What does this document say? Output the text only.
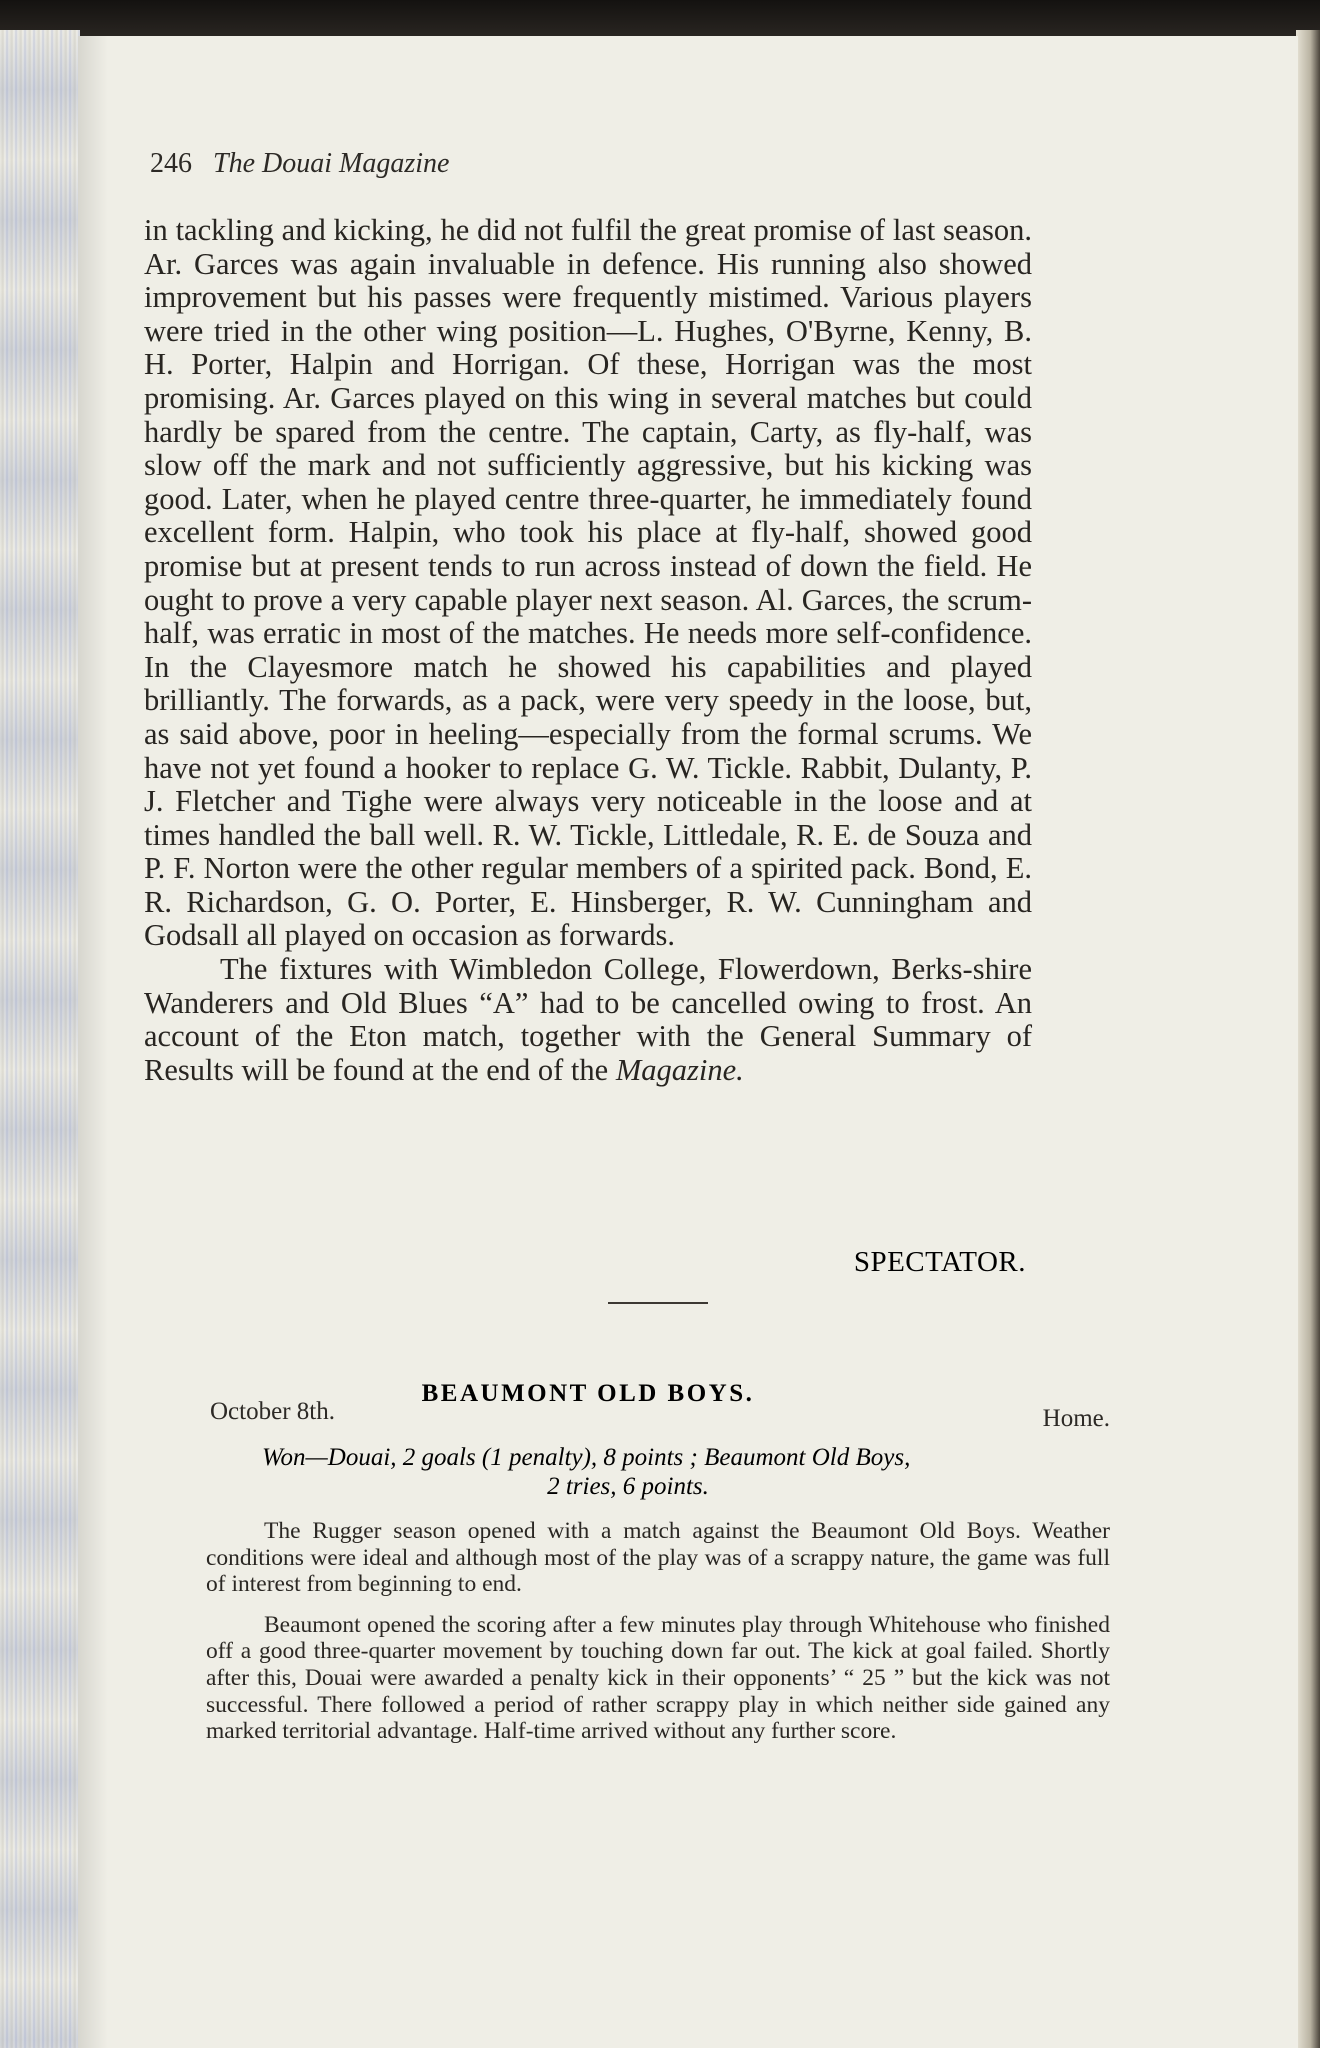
246 The Douai Magazine

in tackling and kicking, he did not fulfil the great promise of last season. Ar. Garces was again invaluable in defence. His running also showed improvement but his passes were frequently mistimed. Various players were tried in the other wing position—L. Hughes, O'Byrne, Kenny, B. H. Porter, Halpin and Horrigan. Of these, Horrigan was the most promising. Ar. Garces played on this wing in several matches but could hardly be spared from the centre. The captain, Carty, as fly-half, was slow off the mark and not sufficiently aggressive, but his kicking was good. Later, when he played centre three-quarter, he immediately found excellent form. Halpin, who took his place at fly-half, showed good promise but at present tends to run across instead of down the field. He ought to prove a very capable player next season. Al. Garces, the scrum-half, was erratic in most of the matches. He needs more self-confidence. In the Clayesmore match he showed his capabilities and played brilliantly. The forwards, as a pack, were very speedy in the loose, but, as said above, poor in heeling—especially from the formal scrums. We have not yet found a hooker to replace G. W. Tickle. Rabbit, Dulanty, P. J. Fletcher and Tighe were always very noticeable in the loose and at times handled the ball well. R. W. Tickle, Littledale, R. E. de Souza and P. F. Norton were the other regular members of a spirited pack. Bond, E. R. Richardson, G. O. Porter, E. Hinsberger, R. W. Cunningham and Godsall all played on occasion as forwards.

The fixtures with Wimbledon College, Flowerdown, Berks-shire Wanderers and Old Blues “A” had to be cancelled owing to frost. An account of the Eton match, together with the General Summary of Results will be found at the end of the Magazine.

SPECTATOR.
BEAUMONT OLD BOYS.
October 8th.	Home.
Won—Douai, 2 goals (1 penalty), 8 points ; Beaumont Old Boys,
2 tries, 6 points.

The Rugger season opened with a match against the Beaumont Old Boys. Weather conditions were ideal and although most of the play was of a scrappy nature, the game was full of interest from beginning to end.

Beaumont opened the scoring after a few minutes play through Whitehouse who finished off a good three-quarter movement by touching down far out. The kick at goal failed. Shortly after this, Douai were awarded a penalty kick in their opponents’ “ 25 ” but the kick was not successful. There followed a period of rather scrappy play in which neither side gained any marked territorial advantage. Half-time arrived without any further score.
